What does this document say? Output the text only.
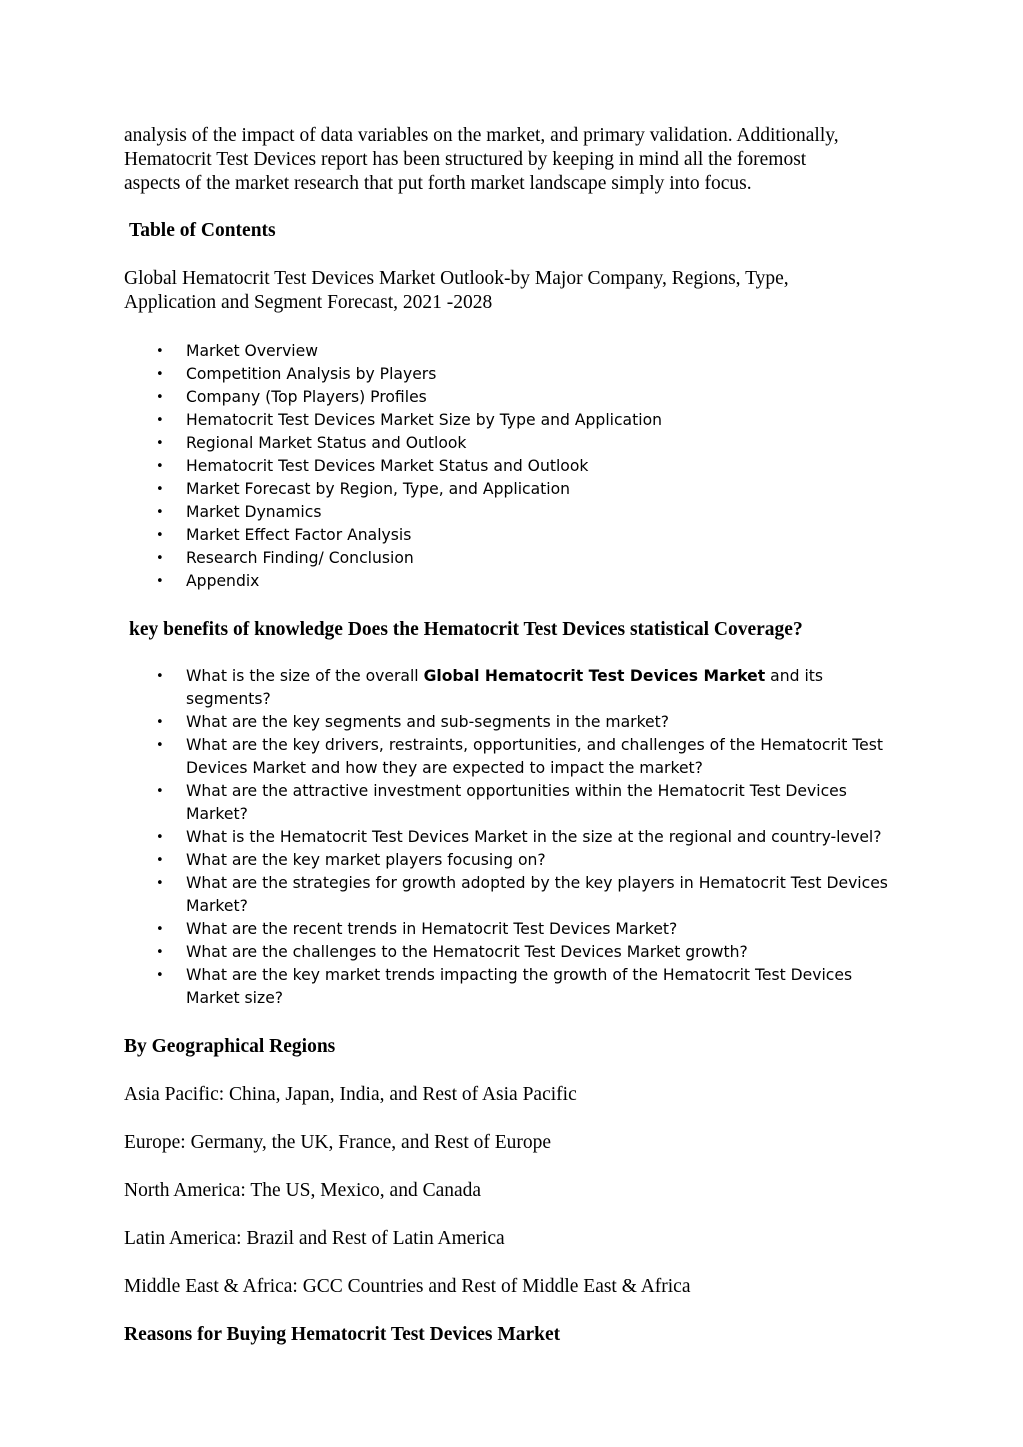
analysis of the impact of data variables on the market, and primary validation. Additionally,
Hematocrit Test Devices report has been structured by keeping in mind all the foremost
aspects of the market research that put forth market landscape simply into focus.

Table of Contents

Global Hematocrit Test Devices Market Outlook-by Major Company, Regions, Type,
Application and Segment Forecast, 2021 -2028

• Market Overview
• Competition Analysis by Players
• Company (Top Players) Profiles
• Hematocrit Test Devices Market Size by Type and Application
• Regional Market Status and Outlook
• Hematocrit Test Devices Market Status and Outlook
• Market Forecast by Region, Type, and Application
• Market Dynamics
• Market Effect Factor Analysis
• Research Finding/ Conclusion
• Appendix

key benefits of knowledge Does the Hematocrit Test Devices statistical Coverage?

• What is the size of the overall Global Hematocrit Test Devices Market and its segments?
• What are the key segments and sub-segments in the market?
• What are the key drivers, restraints, opportunities, and challenges of the Hematocrit Test
Devices Market and how they are expected to impact the market?
• What are the attractive investment opportunities within the Hematocrit Test Devices
Market?
• What is the Hematocrit Test Devices Market in the size at the regional and country-level?
• What are the key market players focusing on?
• What are the strategies for growth adopted by the key players in Hematocrit Test Devices
Market?
• What are the recent trends in Hematocrit Test Devices Market?
• What are the challenges to the Hematocrit Test Devices Market growth?
• What are the key market trends impacting the growth of the Hematocrit Test Devices
Market size?

By Geographical Regions

Asia Pacific: China, Japan, India, and Rest of Asia Pacific

Europe: Germany, the UK, France, and Rest of Europe

North America: The US, Mexico, and Canada

Latin America: Brazil and Rest of Latin America

Middle East & Africa: GCC Countries and Rest of Middle East & Africa

Reasons for Buying Hematocrit Test Devices Market
